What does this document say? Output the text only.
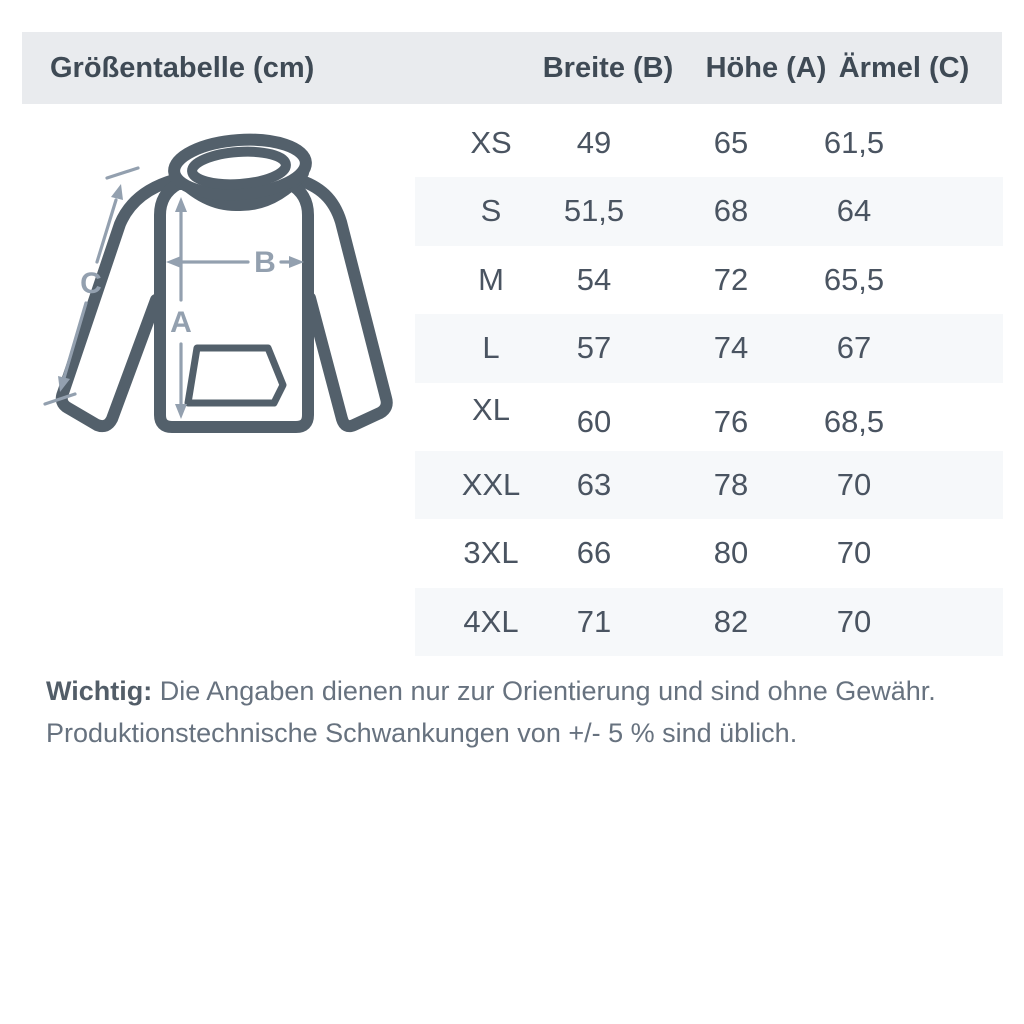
Größentabelle (cm)	Breite (B) Höhe (A) Ärmel (C)
XS 49	65 61,5
S 51,5	68	64
M 54	72 65,5
L 57	74	67
XL 60	76 68,5
XXL 63	78	70
3XL 66	80	70
4XL 71	82	70
A
B
C
Wichtig: Die Angaben dienen nur zur Orientierung und sind ohne Gewähr.
Produktionstechnische Schwankungen von +/- 5 % sind üblich.
